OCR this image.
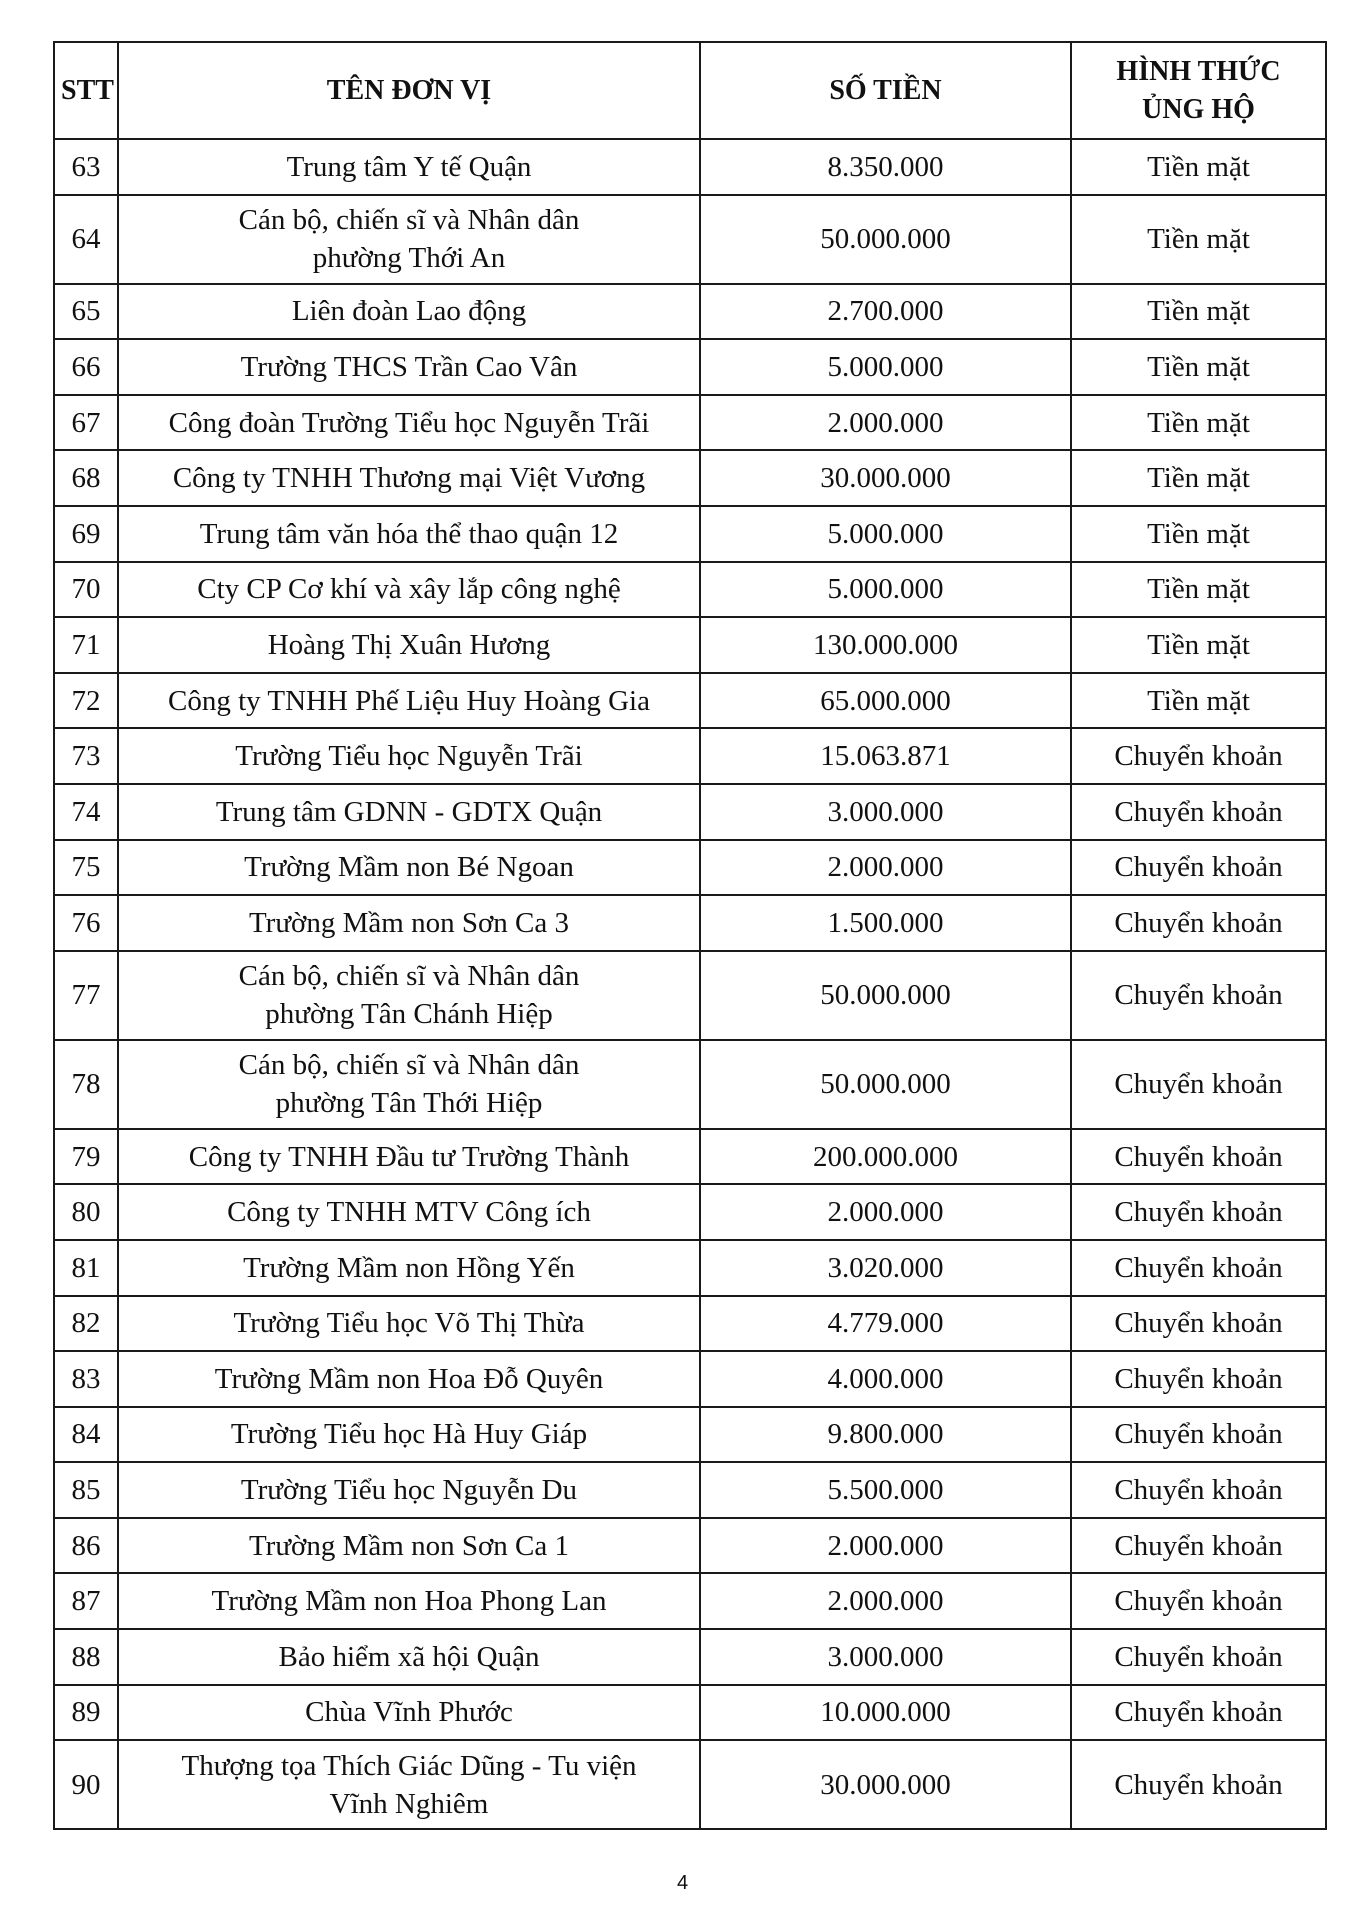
STT	TÊN ĐƠN VỊ	SỐ TIỀN	HÌNH THỨC
ỦNG HỘ

63	Trung tâm Y tế Quận	8.350.000	Tiền mặt
64	Cán bộ, chiến sĩ và Nhân dân
phường Thới An	50.000.000	Tiền mặt
65	Liên đoàn Lao động	2.700.000	Tiền mặt
66	Trường THCS Trần Cao Vân	5.000.000	Tiền mặt
67	Công đoàn Trường Tiểu học Nguyễn Trãi	2.000.000	Tiền mặt
68	Công ty TNHH Thương mại Việt Vương	30.000.000	Tiền mặt
69	Trung tâm văn hóa thể thao quận 12	5.000.000	Tiền mặt
70	Cty CP Cơ khí và xây lắp công nghệ	5.000.000	Tiền mặt
71	Hoàng Thị Xuân Hương	130.000.000	Tiền mặt
72	Công ty TNHH Phế Liệu Huy Hoàng Gia	65.000.000	Tiền mặt
73	Trường Tiểu học Nguyễn Trãi	15.063.871	Chuyển khoản
74	Trung tâm GDNN - GDTX Quận	3.000.000	Chuyển khoản
75	Trường Mầm non Bé Ngoan	2.000.000	Chuyển khoản
76	Trường Mầm non Sơn Ca 3	1.500.000	Chuyển khoản
77	Cán bộ, chiến sĩ và Nhân dân
phường Tân Chánh Hiệp	50.000.000	Chuyển khoản
78	Cán bộ, chiến sĩ và Nhân dân
phường Tân Thới Hiệp	50.000.000	Chuyển khoản
79	Công ty TNHH Đầu tư Trường Thành	200.000.000	Chuyển khoản
80	Công ty TNHH MTV Công ích	2.000.000	Chuyển khoản
81	Trường Mầm non Hồng Yến	3.020.000	Chuyển khoản
82	Trường Tiểu học Võ Thị Thừa	4.779.000	Chuyển khoản
83	Trường Mầm non Hoa Đỗ Quyên	4.000.000	Chuyển khoản
84	Trường Tiểu học Hà Huy Giáp	9.800.000	Chuyển khoản
85	Trường Tiểu học Nguyễn Du	5.500.000	Chuyển khoản
86	Trường Mầm non Sơn Ca 1	2.000.000	Chuyển khoản
87	Trường Mầm non Hoa Phong Lan	2.000.000	Chuyển khoản
88	Bảo hiểm xã hội Quận	3.000.000	Chuyển khoản
89	Chùa Vĩnh Phước	10.000.000	Chuyển khoản
90	Thượng tọa Thích Giác Dũng - Tu viện
Vĩnh Nghiêm	30.000.000	Chuyển khoản
4
